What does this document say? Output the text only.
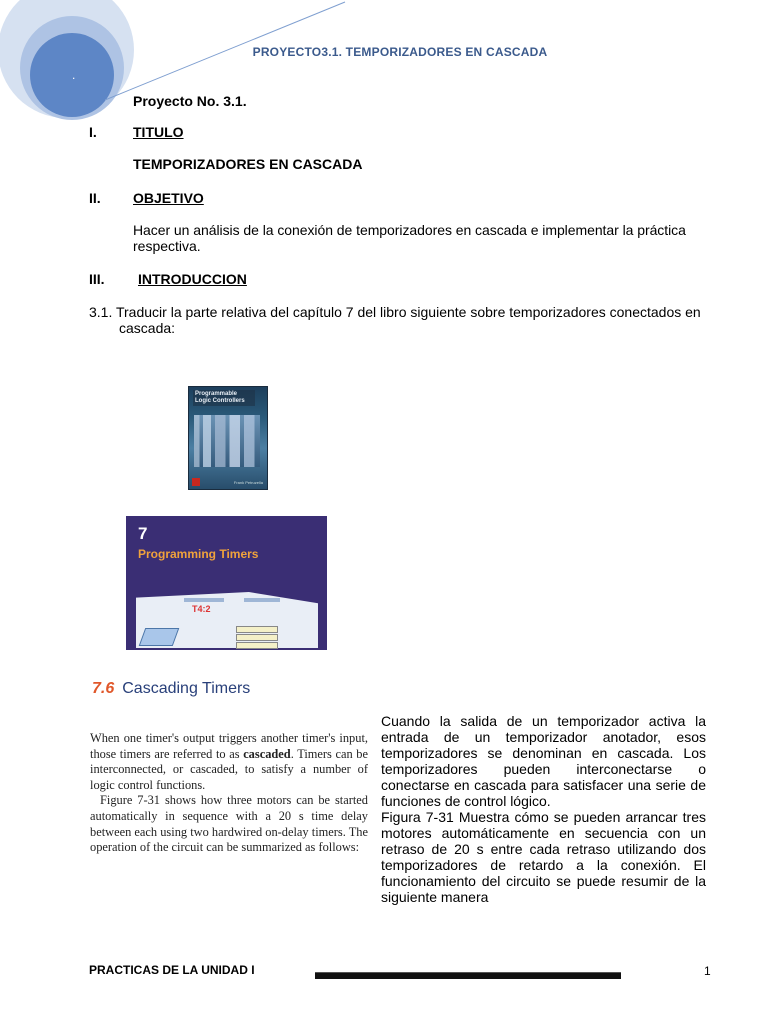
.
PROYECTO3.1. TEMPORIZADORES EN CASCADA
Proyecto No. 3.1.
I.	TITULO
TEMPORIZADORES EN CASCADA
II. OBJETIVO
Hacer un análisis de la conexión de temporizadores en cascada e implementar la práctica
respectiva.
III. INTRODUCCION
3.1. Traducir la parte relativa del capítulo 7 del libro siguiente sobre temporizadores conectados en
cascada:
Programmable Logic Controllers
Frank Petruzella
7
Programming Timers
T4:2
7.6 Cascading Timers

When one timer's output triggers another timer's input, those timers are referred to as cascaded. Timers can be interconnected, or cascaded, to satisfy a number of logic control functions.

Figure 7-31 shows how three motors can be started automatically in sequence with a 20 s time delay between each using two hardwired on-delay timers. The operation of the circuit can be summarized as follows:

Cuando la salida de un temporizador activa la entrada de un temporizador anotador, esos temporizadores se denominan en cascada. Los temporizadores pueden interconectarse o conectarse en cascada para satisfacer una serie de funciones de control lógico.

Figura 7-31 Muestra cómo se pueden arrancar tres motores automáticamente en secuencia con un retraso de 20 s entre cada retraso utilizando dos temporizadores de retardo a la conexión. El funcionamiento del circuito se puede resumir de la siguiente manera

PRACTICAS DE LA UNIDAD I	1
